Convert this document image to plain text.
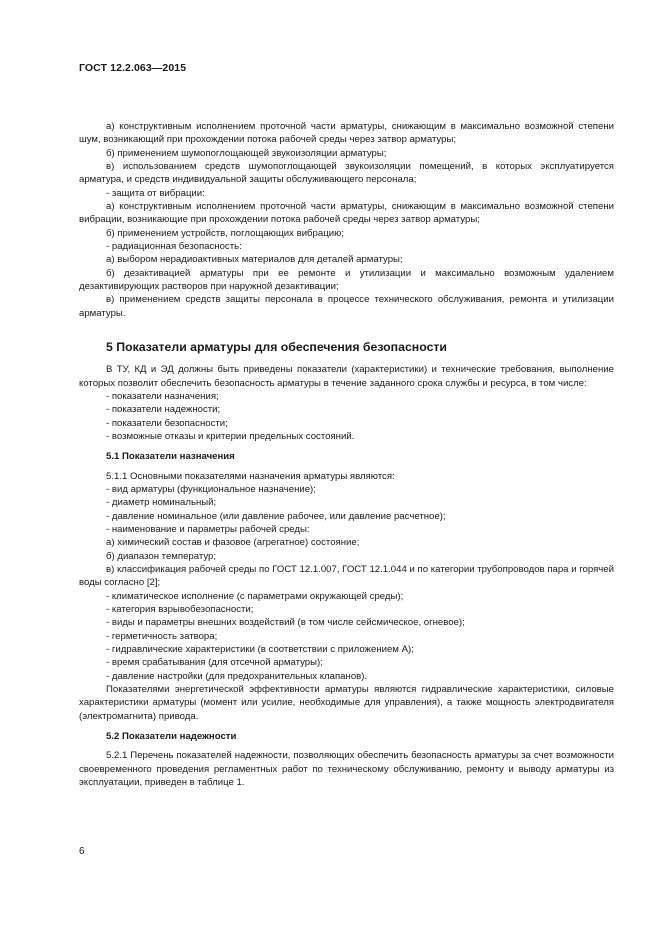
ГОСТ 12.2.063—2015

а) конструктивным исполнением проточной части арматуры, снижающим в максимально возможной степени шум, возникающий при прохождении потока рабочей среды через затвор арматуры;

б) применением шумопоглощающей звукоизоляции арматуры;

в) использованием средств шумопоглощающей звукоизоляции помещений, в которых эксплуатируется арматура, и средств индивидуальной защиты обслуживающего персонала;

- защита от вибрации:

а) конструктивным исполнением проточной части арматуры, снижающим в максимально возможной степени вибрации, возникающие при прохождении потока рабочей среды через затвор арматуры;

б) применением устройств, поглощающих вибрацию;

- радиационная безопасность:

а) выбором нерадиоактивных материалов для деталей арматуры;

б) дезактивацией арматуры при ее ремонте и утилизации и максимально возможным удалением дезактивирующих растворов при наружной дезактивации;

в) применением средств защиты персонала в процессе технического обслуживания, ремонта и утилизации арматуры.

5 Показатели арматуры для обеспечения безопасности

В ТУ, КД и ЭД должны быть приведены показатели (характеристики) и технические требования, выполнение которых позволит обеспечить безопасность арматуры в течение заданного срока службы и ресурса, в том числе:

- показатели назначения;

- показатели надежности;

- показатели безопасности;

- возможные отказы и критерии предельных состояний.

5.1 Показатели назначения

5.1.1 Основными показателями назначения арматуры являются:

- вид арматуры (функциональное назначение);

- диаметр номинальный;

- давление номинальное (или давление рабочее, или давление расчетное);

- наименование и параметры рабочей среды:

а) химический состав и фазовое (агрегатное) состояние;

б) диапазон температур;

в) классификация рабочей среды по ГОСТ 12.1.007, ГОСТ 12.1.044 и по категории трубопроводов пара и горячей воды согласно [2];

- климатическое исполнение (с параметрами окружающей среды);

- категория взрывобезопасности;

- виды и параметры внешних воздействий (в том числе сейсмическое, огневое);

- герметичность затвора;

- гидравлические характеристики (в соответствии с приложением А);

- время срабатывания (для отсечной арматуры);

- давление настройки (для предохранительных клапанов).

Показателями энергетической эффективности арматуры являются гидравлические характеристики, силовые характеристики арматуры (момент или усилие, необходимые для управления), а также мощность электродвигателя (электромагнита) привода.

5.2 Показатели надежности

5.2.1 Перечень показателей надежности, позволяющих обеспечить безопасность арматуры за счет возможности своевременного проведения регламентных работ по техническому обслуживанию, ремонту и выводу арматуры из эксплуатации, приведен в таблице 1.

6
